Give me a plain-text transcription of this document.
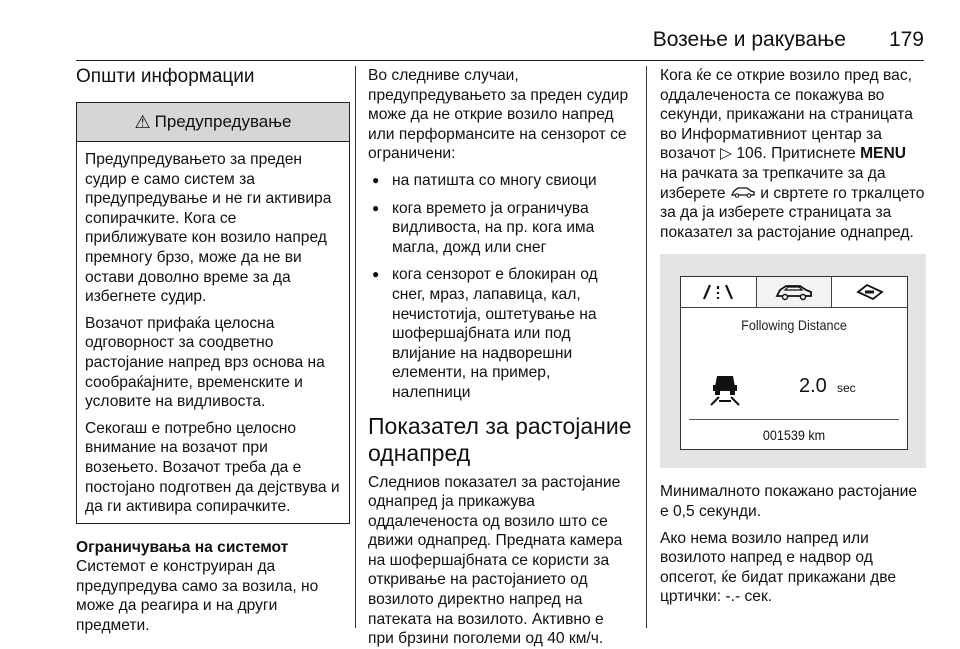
Возење и ракување 179
Општи информации
⚠ Предупредување

Предупредувањето за преден судир е само систем за предупредување и не ги активира сопирачките. Кога се приближувате кон возило напред премногу брзо, може да не ви остави доволно време за да избегнете судир.

Возачот прифаќа целосна одговорност за соодветно растојание напред врз основа на сообраќајните, временските и условите на видливоста.

Секогаш е потребно целосно внимание на возачот при возењето. Возачот треба да е постојано подготвен да дејствува и да ги активира сопирачките.

Ограничувања на системот

Системот е конструиран да предупредува само за возила, но може да реагира и на други предмети.

Во следниве случаи, предупредувањето за преден судир може да не открие возило напред или перформансите на сензорот се ограничени:

● на патишта со многу свиоци
● кога времето ја ограничува видливоста, на пр. кога има магла, дожд или снег
● кога сензорот е блокиран од снег, мраз, лапавица, кал, нечистотија, оштетување на шофершајбната или под влијание на надворешни елементи, на пример, налепници
Показател за растојание однапред

Следниов показател за растојание однапред ја прикажува оддалеченоста од возило што се движи однапред. Предната камера на шофершајбната се користи за откривање на растојанието од возилото директно напред на патеката на возилото. Активно е при брзини поголеми од 40 км/ч.

Кога ќе се открие возило пред вас, оддалеченоста се покажува во секунди, прикажани на страницата во Информативниот центар за возачот ▷ 106. Притиснете MENU на рачката за трепкачите за да изберете и свртете го тркалцето за да ја изберете страницата за показател за растојание однапред.

Following Distance
2.0 sec
001539 km

Минималното покажано растојание е 0,5 секунди.

Ако нема возило напред или возилото напред е надвор од опсегот, ќе бидат прикажани две цртички: -.- сек.
